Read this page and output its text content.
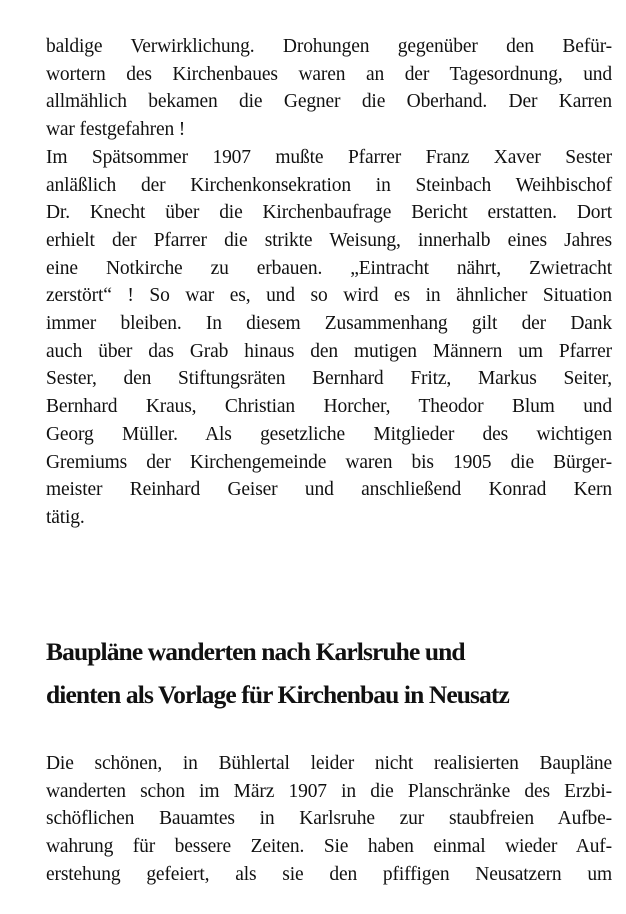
baldige Verwirklichung. Drohungen gegenüber den Befür-
wortern des Kirchenbaues waren an der Tagesordnung, und
allmählich bekamen die Gegner die Oberhand. Der Karren
war festgefahren !
Im Spätsommer 1907 mußte Pfarrer Franz Xaver Sester
anläßlich der Kirchenkonsekration in Steinbach Weihbischof
Dr. Knecht über die Kirchenbaufrage Bericht erstatten. Dort
erhielt der Pfarrer die strikte Weisung, innerhalb eines Jahres
eine Notkirche zu erbauen. „Eintracht nährt, Zwietracht
zerstört“ ! So war es, und so wird es in ähnlicher Situation
immer bleiben. In diesem Zusammenhang gilt der Dank
auch über das Grab hinaus den mutigen Männern um Pfarrer
Sester, den Stiftungsräten Bernhard Fritz, Markus Seiter,
Bernhard Kraus, Christian Horcher, Theodor Blum und
Georg Müller. Als gesetzliche Mitglieder des wichtigen
Gremiums der Kirchengemeinde waren bis 1905 die Bürger-
meister Reinhard Geiser und anschließend Konrad Kern
tätig.
Baupläne wanderten nach Karlsruhe und
dienten als Vorlage für Kirchenbau in Neusatz
Die schönen, in Bühlertal leider nicht realisierten Baupläne
wanderten schon im März 1907 in die Planschränke des Erzbi-
schöflichen Bauamtes in Karlsruhe zur staubfreien Aufbe-
wahrung für bessere Zeiten. Sie haben einmal wieder Auf-
erstehung gefeiert, als sie den pfiffigen Neusatzern um
